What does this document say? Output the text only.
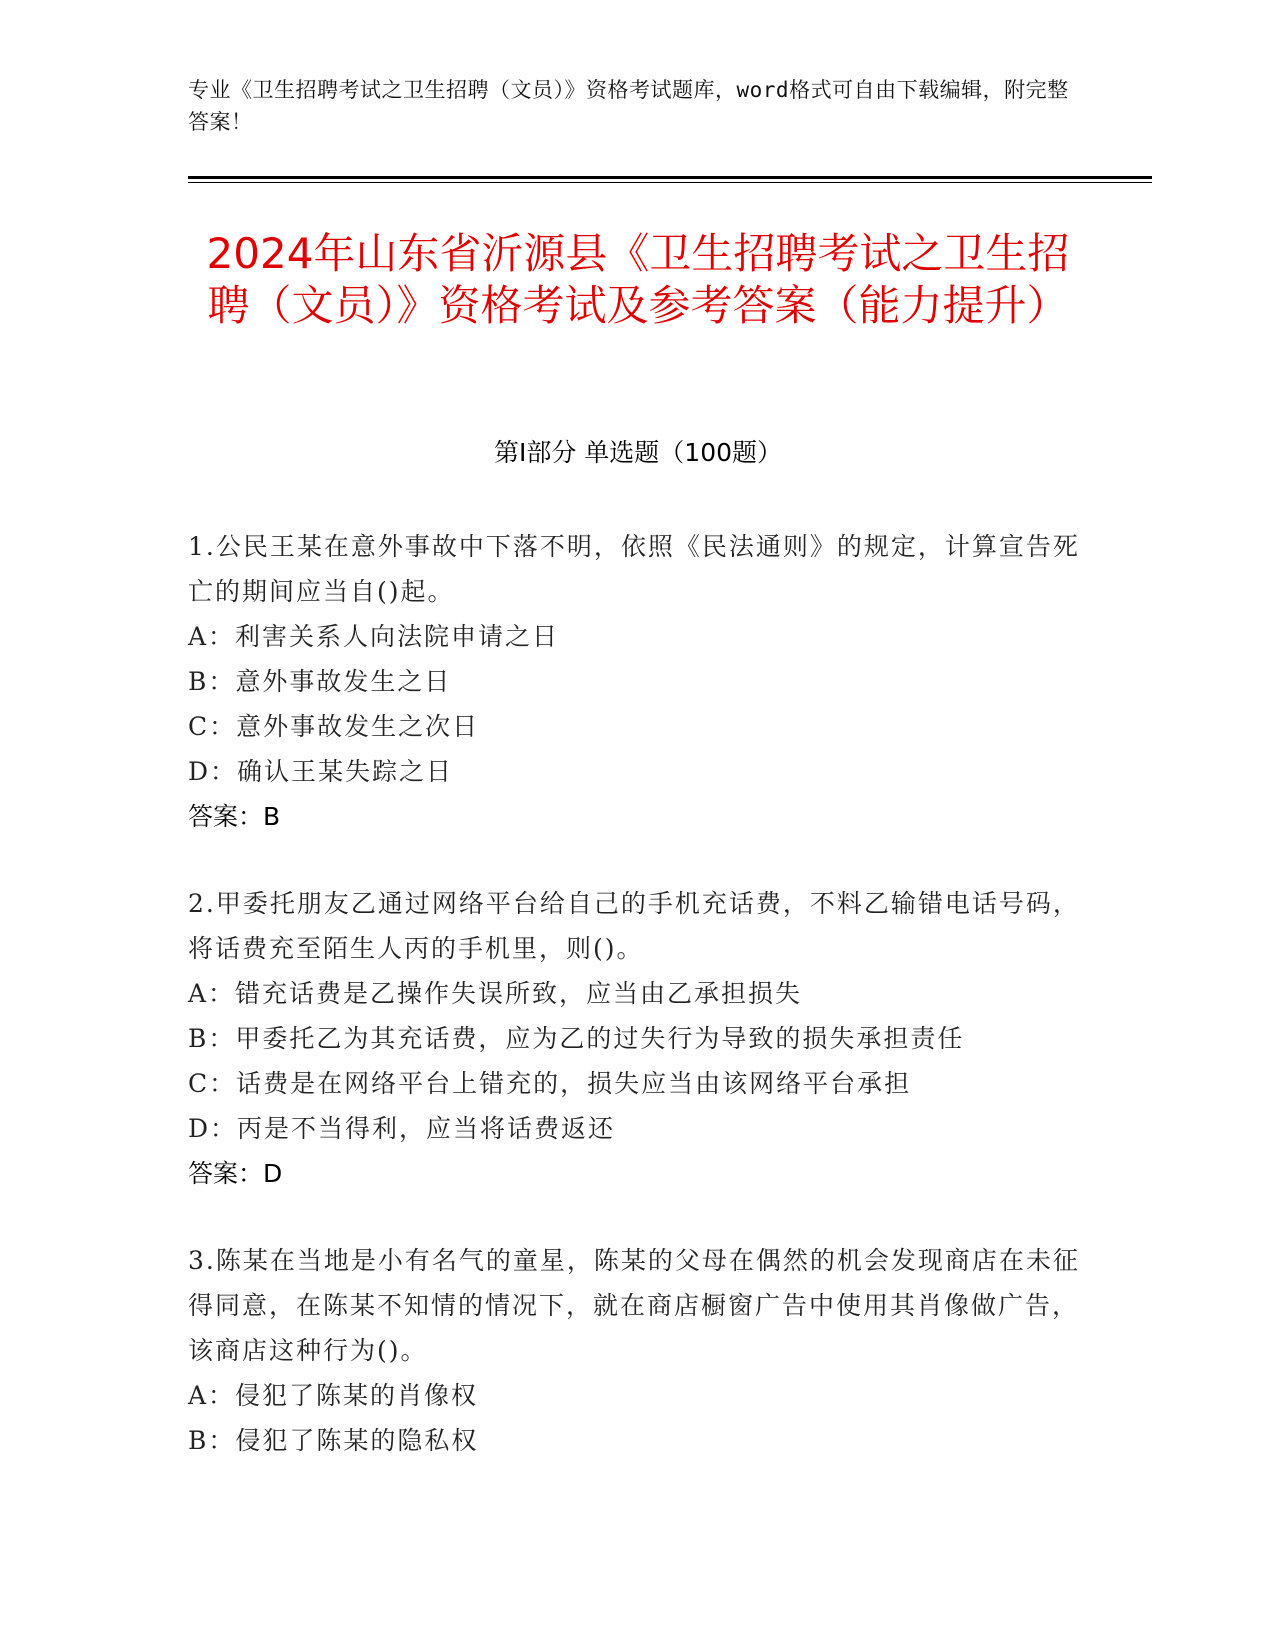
专业《卫生招聘考试之卫生招聘（文员）》资格考试题库，word格式可自由下载编辑，附完整答案！
2024年山东省沂源县《卫生招聘考试之卫生招聘（文员）》资格考试及参考答案（能力提升）
第Ⅰ部分 单选题（100题）

1.公民王某在意外事故中下落不明，依照《民法通则》的规定，计算宣告死亡的期间应当自()起。

A：利害关系人向法院申请之日

B：意外事故发生之日

C：意外事故发生之次日

D：确认王某失踪之日

答案：B

2.甲委托朋友乙通过网络平台给自己的手机充话费，不料乙输错电话号码，将话费充至陌生人丙的手机里，则()。

A：错充话费是乙操作失误所致，应当由乙承担损失

B：甲委托乙为其充话费，应为乙的过失行为导致的损失承担责任

C：话费是在网络平台上错充的，损失应当由该网络平台承担

D：丙是不当得利，应当将话费返还

答案：D

3.陈某在当地是小有名气的童星，陈某的父母在偶然的机会发现商店在未征得同意，在陈某不知情的情况下，就在商店橱窗广告中使用其肖像做广告，该商店这种行为()。

A：侵犯了陈某的肖像权

B：侵犯了陈某的隐私权
